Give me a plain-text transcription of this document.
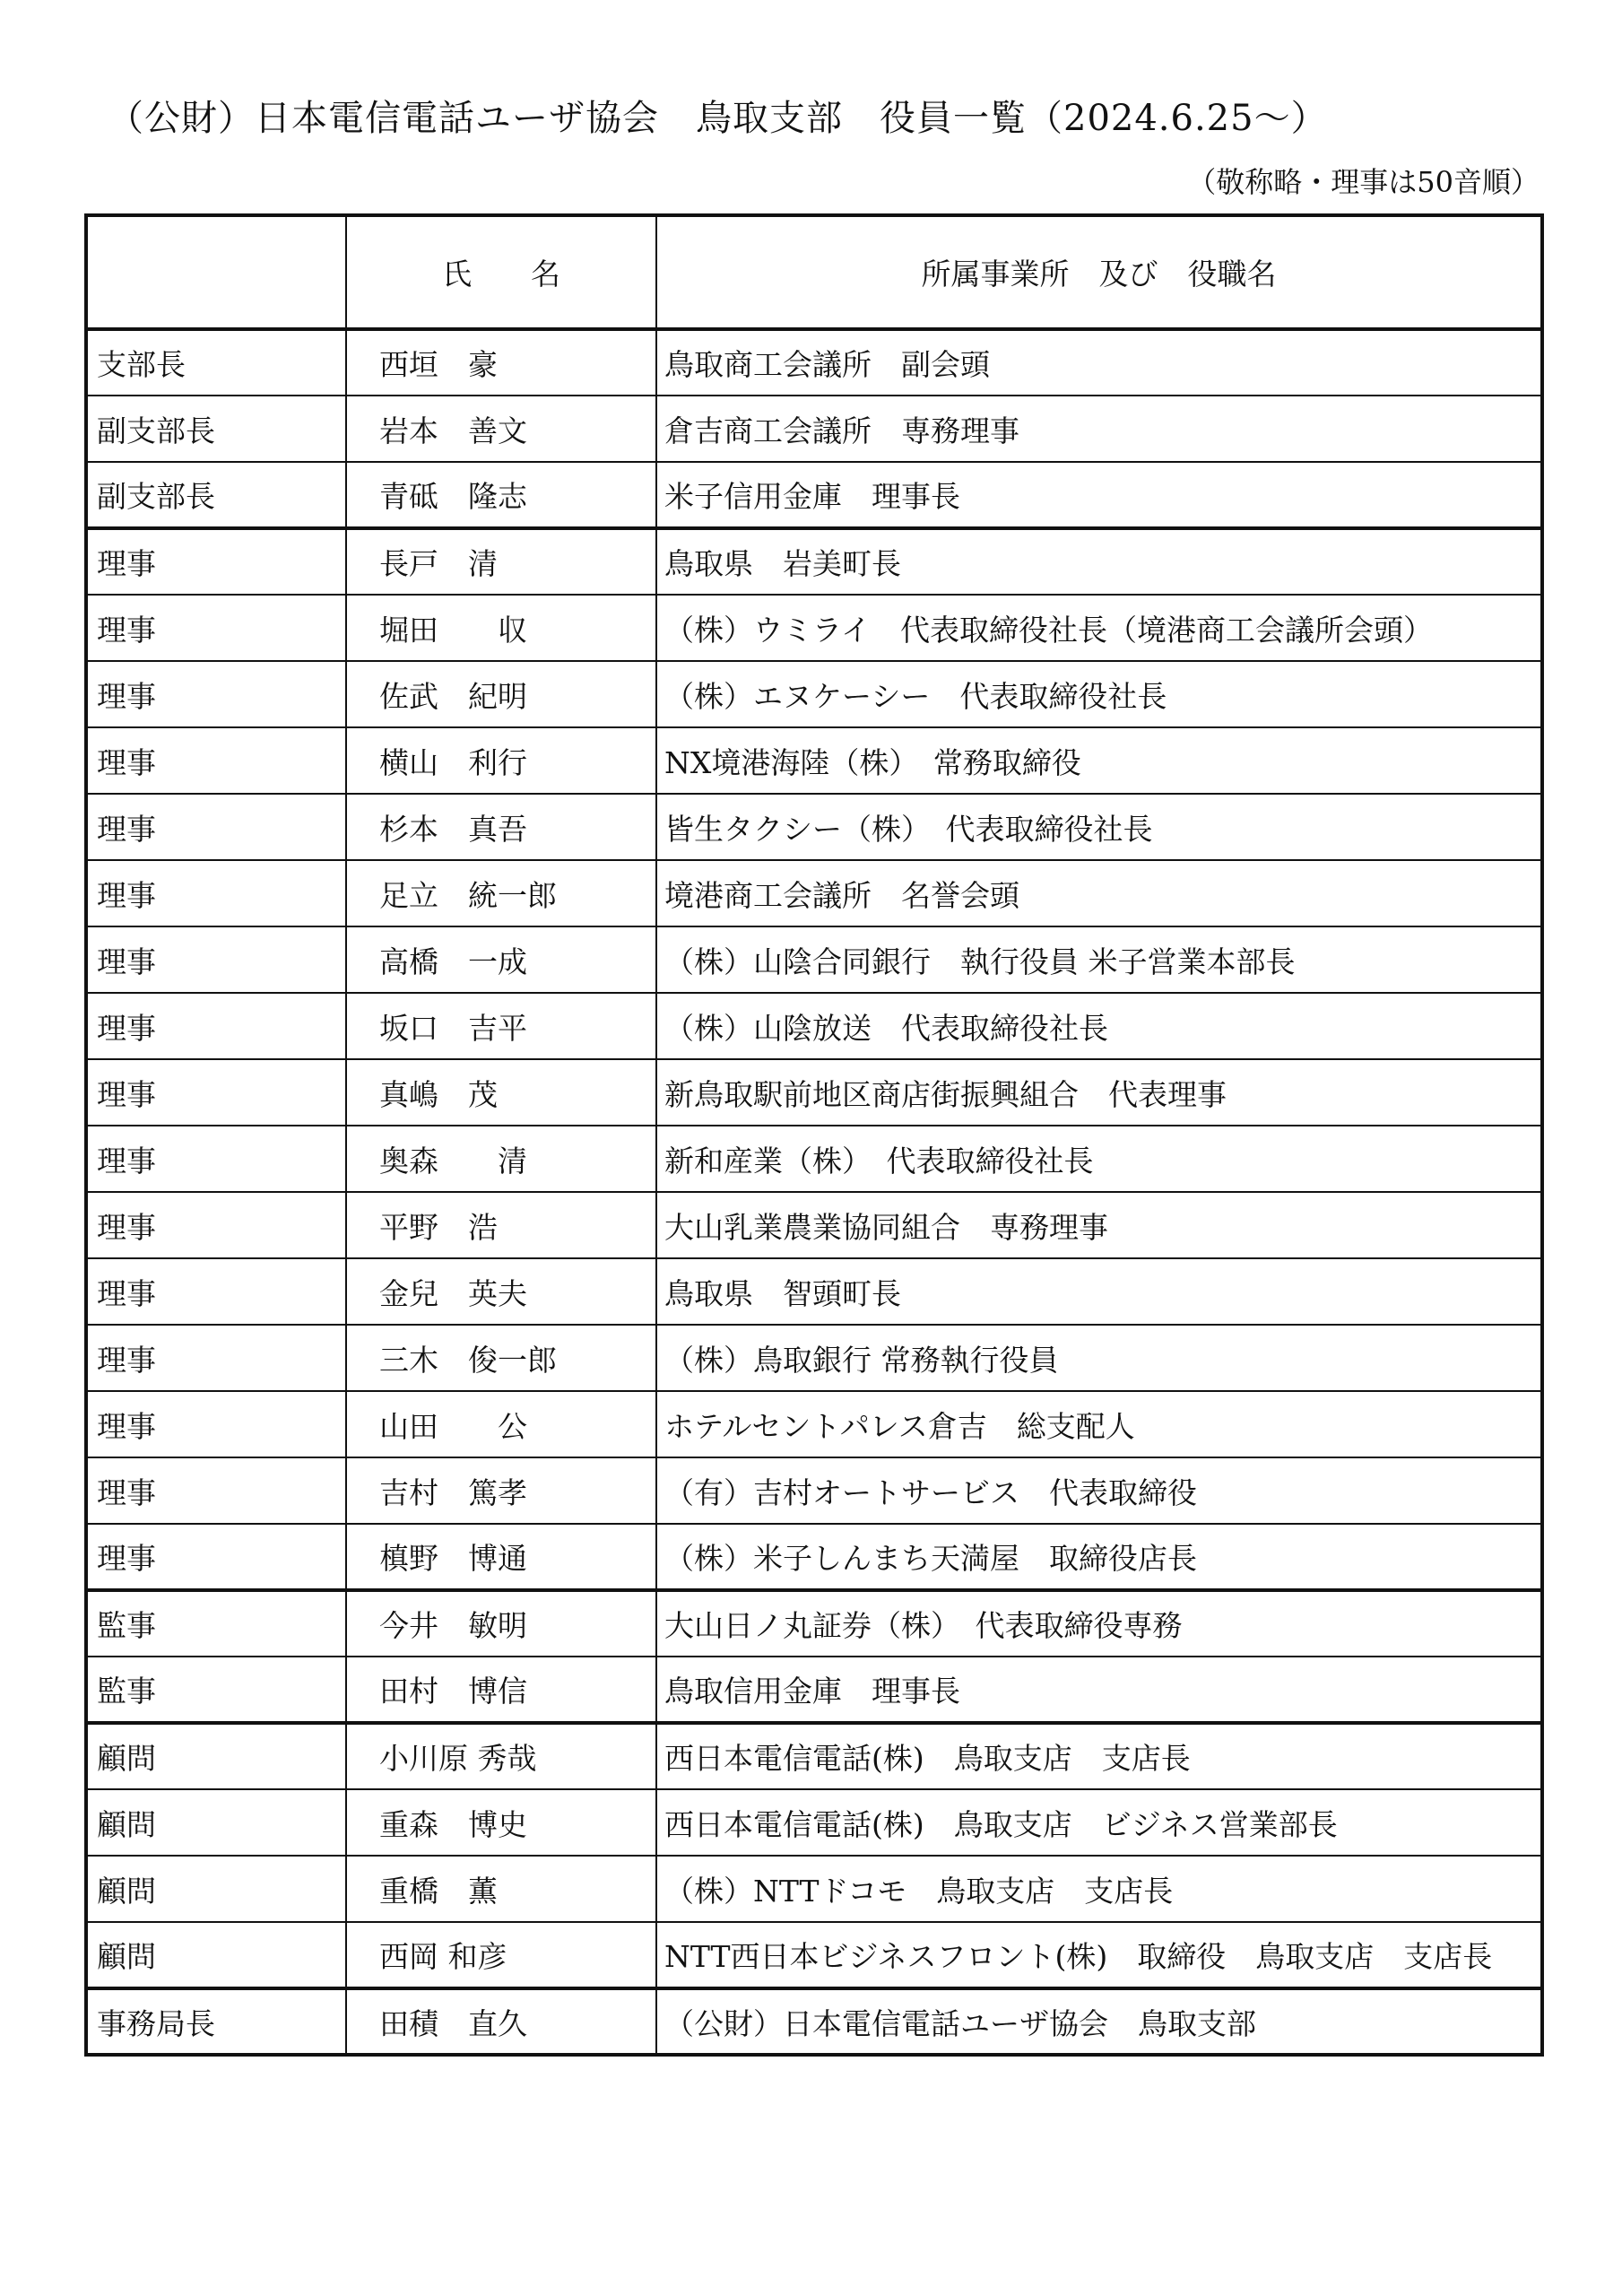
（公財）日本電信電話ユーザ協会　鳥取支部　役員一覧（2024.6.25～）
（敬称略・理事は50音順）
	氏　　名	所属事業所　及び　役職名
支部長	西垣　豪	鳥取商工会議所　副会頭
副支部長	岩本　善文	倉吉商工会議所　専務理事
副支部長	青砥　隆志	米子信用金庫　理事長
理事	長戸　清	鳥取県　岩美町長
理事	堀田　　収	（株）ウミライ　代表取締役社長（境港商工会議所会頭）
理事	佐武　紀明	（株）エヌケーシー　代表取締役社長
理事	横山　利行	NX境港海陸（株）　常務取締役
理事	杉本　真吾	皆生タクシー（株）　代表取締役社長
理事	足立　統一郎	境港商工会議所　名誉会頭
理事	高橋　一成	（株）山陰合同銀行　執行役員 米子営業本部長
理事	坂口　吉平	（株）山陰放送　代表取締役社長
理事	真嶋　茂	新鳥取駅前地区商店街振興組合　代表理事
理事	奥森　　清	新和産業（株）　代表取締役社長
理事	平野　浩	大山乳業農業協同組合　専務理事
理事	金兒　英夫	鳥取県　智頭町長
理事	三木　俊一郎	（株）鳥取銀行 常務執行役員
理事	山田　　公	ホテルセントパレス倉吉　総支配人
理事	吉村　篤孝	（有）吉村オートサービス　代表取締役
理事	槙野　博通	（株）米子しんまち天満屋　取締役店長
監事	今井　敏明	大山日ノ丸証券（株）　代表取締役専務
監事	田村　博信	鳥取信用金庫　理事長
顧問	小川原 秀哉	西日本電信電話(株)　鳥取支店　支店長
顧問	重森　博史	西日本電信電話(株)　鳥取支店　ビジネス営業部長
顧問	重橋　薫	（株）NTTドコモ　鳥取支店　支店長
顧問	西岡 和彦	NTT西日本ビジネスフロント(株)　取締役　鳥取支店　支店長
事務局長	田積　直久	（公財）日本電信電話ユーザ協会　鳥取支部
